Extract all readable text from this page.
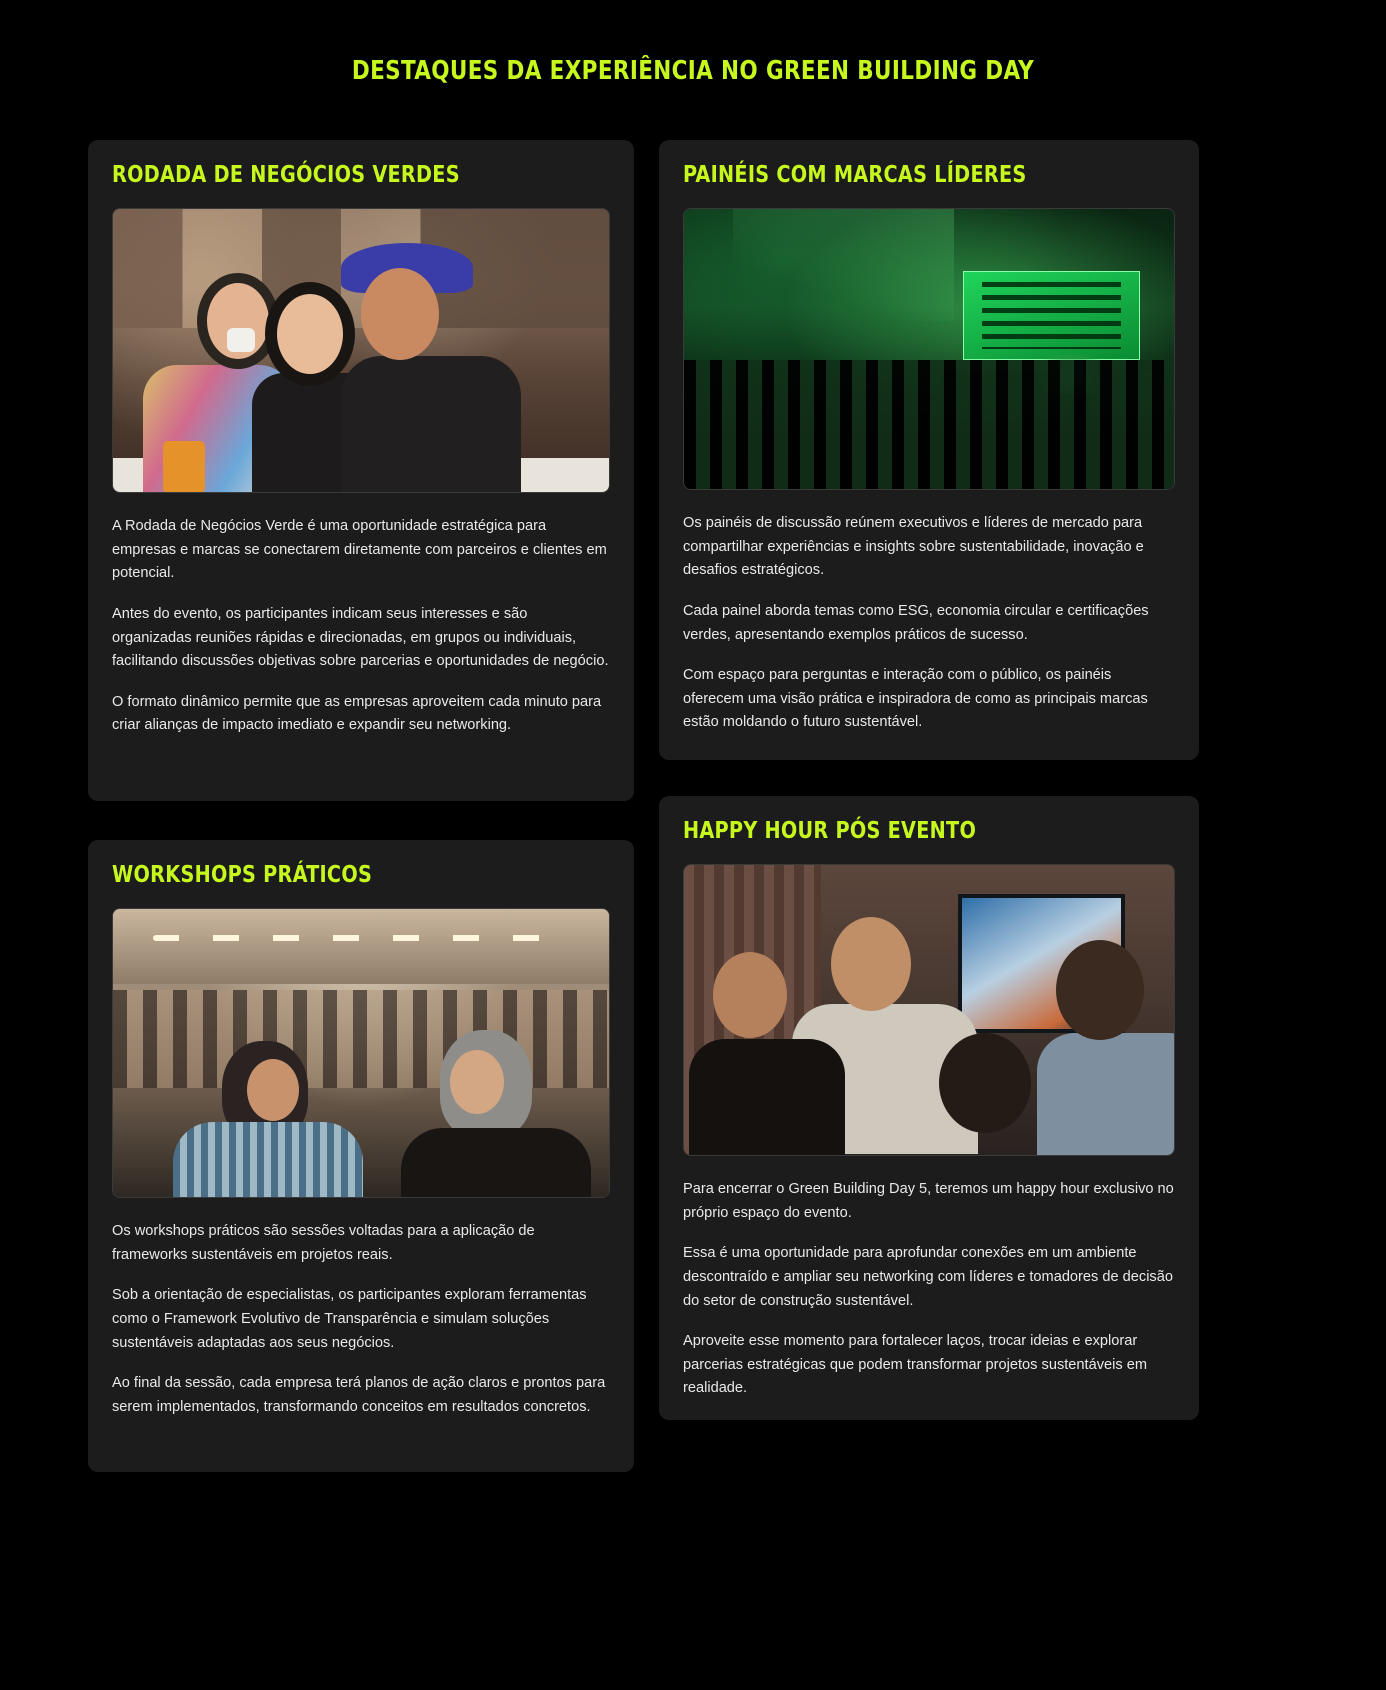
DESTAQUES DA EXPERIÊNCIA NO GREEN BUILDING DAY
RODADA DE NEGÓCIOS VERDES

A Rodada de Negócios Verde é uma oportunidade estratégica para empresas e marcas se conectarem diretamente com parceiros e clientes em potencial.

Antes do evento, os participantes indicam seus interesses e são organizadas reuniões rápidas e direcionadas, em grupos ou individuais, facilitando discussões objetivas sobre parcerias e oportunidades de negócio.

O formato dinâmico permite que as empresas aproveitem cada minuto para criar alianças de impacto imediato e expandir seu networking.

PAINÉIS COM MARCAS LÍDERES

Os painéis de discussão reúnem executivos e líderes de mercado para compartilhar experiências e insights sobre sustentabilidade, inovação e desafios estratégicos.

Cada painel aborda temas como ESG, economia circular e certificações verdes, apresentando exemplos práticos de sucesso.

Com espaço para perguntas e interação com o público, os painéis oferecem uma visão prática e inspiradora de como as principais marcas estão moldando o futuro sustentável.

WORKSHOPS PRÁTICOS

Os workshops práticos são sessões voltadas para a aplicação de frameworks sustentáveis em projetos reais.

Sob a orientação de especialistas, os participantes exploram ferramentas como o Framework Evolutivo de Transparência e simulam soluções sustentáveis adaptadas aos seus negócios.

Ao final da sessão, cada empresa terá planos de ação claros e prontos para serem implementados, transformando conceitos em resultados concretos.

HAPPY HOUR PÓS EVENTO

Para encerrar o Green Building Day 5, teremos um happy hour exclusivo no próprio espaço do evento.

Essa é uma oportunidade para aprofundar conexões em um ambiente descontraído e ampliar seu networking com líderes e tomadores de decisão do setor de construção sustentável.

Aproveite esse momento para fortalecer laços, trocar ideias e explorar parcerias estratégicas que podem transformar projetos sustentáveis em realidade.
